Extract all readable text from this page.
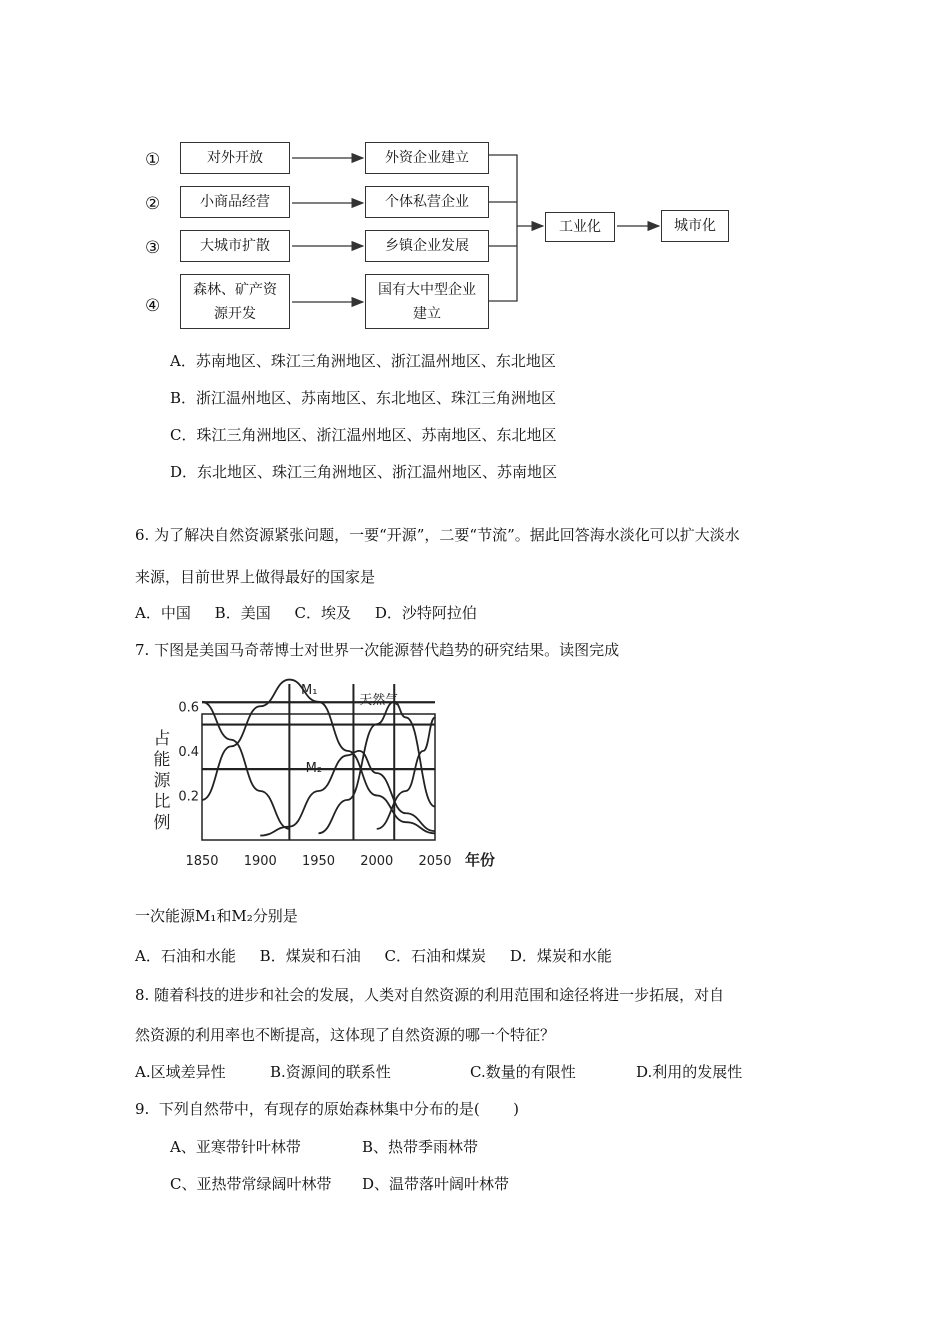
①
②
③
④
对外开放
小商品经营
大城市扩散
森林、矿产资源开发
外资企业建立
个体私营企业
乡镇企业发展
国有大中型企业建立
工业化	城市化
A．苏南地区、珠江三角洲地区、浙江温州地区、东北地区
B．浙江温州地区、苏南地区、东北地区、珠江三角洲地区
C．珠江三角洲地区、浙江温州地区、苏南地区、东北地区
D．东北地区、珠江三角洲地区、浙江温州地区、苏南地区
6. 为了解决自然资源紧张问题，一要“开源”，二要“节流”。据此回答海水淡化可以扩大淡水
来源，目前世界上做得最好的国家是
A．中国     B．美国     C．埃及     D．沙特阿拉伯
7. 下图是美国马奇蒂博士对世界一次能源替代趋势的研究结果。读图完成
0.6
0.4
0.2
1850 1900 1950 2000 2050 年份
占
能
源
比
例
M₁
M₂
天然气
一次能源M₁和M₂分别是
A．石油和水能     B．煤炭和石油     C．石油和煤炭     D．煤炭和水能
8. 随着科技的进步和社会的发展，人类对自然资源的利用范围和途径将进一步拓展，对自
然资源的利用率也不断提高，这体现了自然资源的哪一个特征？
A.区域差异性	B.资源间的联系性	C.数量的有限性	D.利用的发展性
9.  下列自然带中，有现存的原始森林集中分布的是(       )
A、亚寒带针叶林带	B、热带季雨林带
C、亚热带常绿阔叶林带 D、温带落叶阔叶林带
